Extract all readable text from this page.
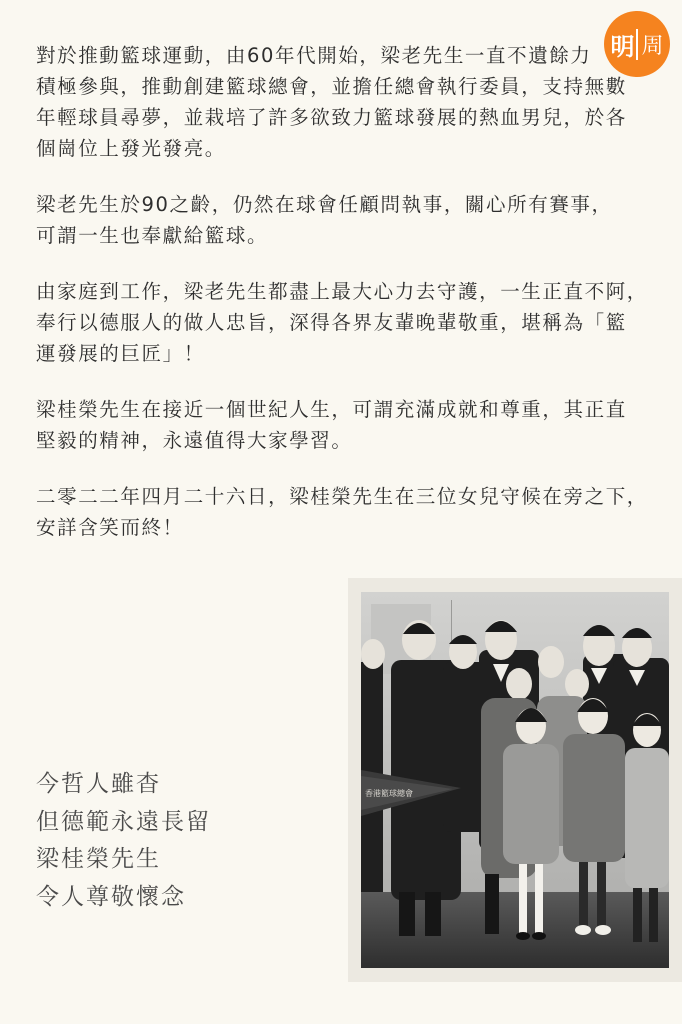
對於推動籃球運動，由60年代開始，梁老先生一直不遺餘力
積極參與，推動創建籃球總會，並擔任總會執行委員，支持無數
年輕球員尋夢，並栽培了許多欲致力籃球發展的熱血男兒，於各
個崗位上發光發亮。

梁老先生於90之齡，仍然在球會任顧問執事，關心所有賽事，
可謂一生也奉獻給籃球。

由家庭到工作，梁老先生都盡上最大心力去守護，一生正直不阿，
奉行以德服人的做人忠旨，深得各界友輩晚輩敬重，堪稱為「籃
運發展的巨匠」！

梁桂榮先生在接近一個世紀人生，可謂充滿成就和尊重，其正直
堅毅的精神，永遠值得大家學習。

二零二二年四月二十六日，梁桂榮先生在三位女兒守候在旁之下，
安詳含笑而終！

明 周
今哲人雖杳
但德範永遠長留
梁桂榮先生
令人尊敬懷念
香港籃球總會
